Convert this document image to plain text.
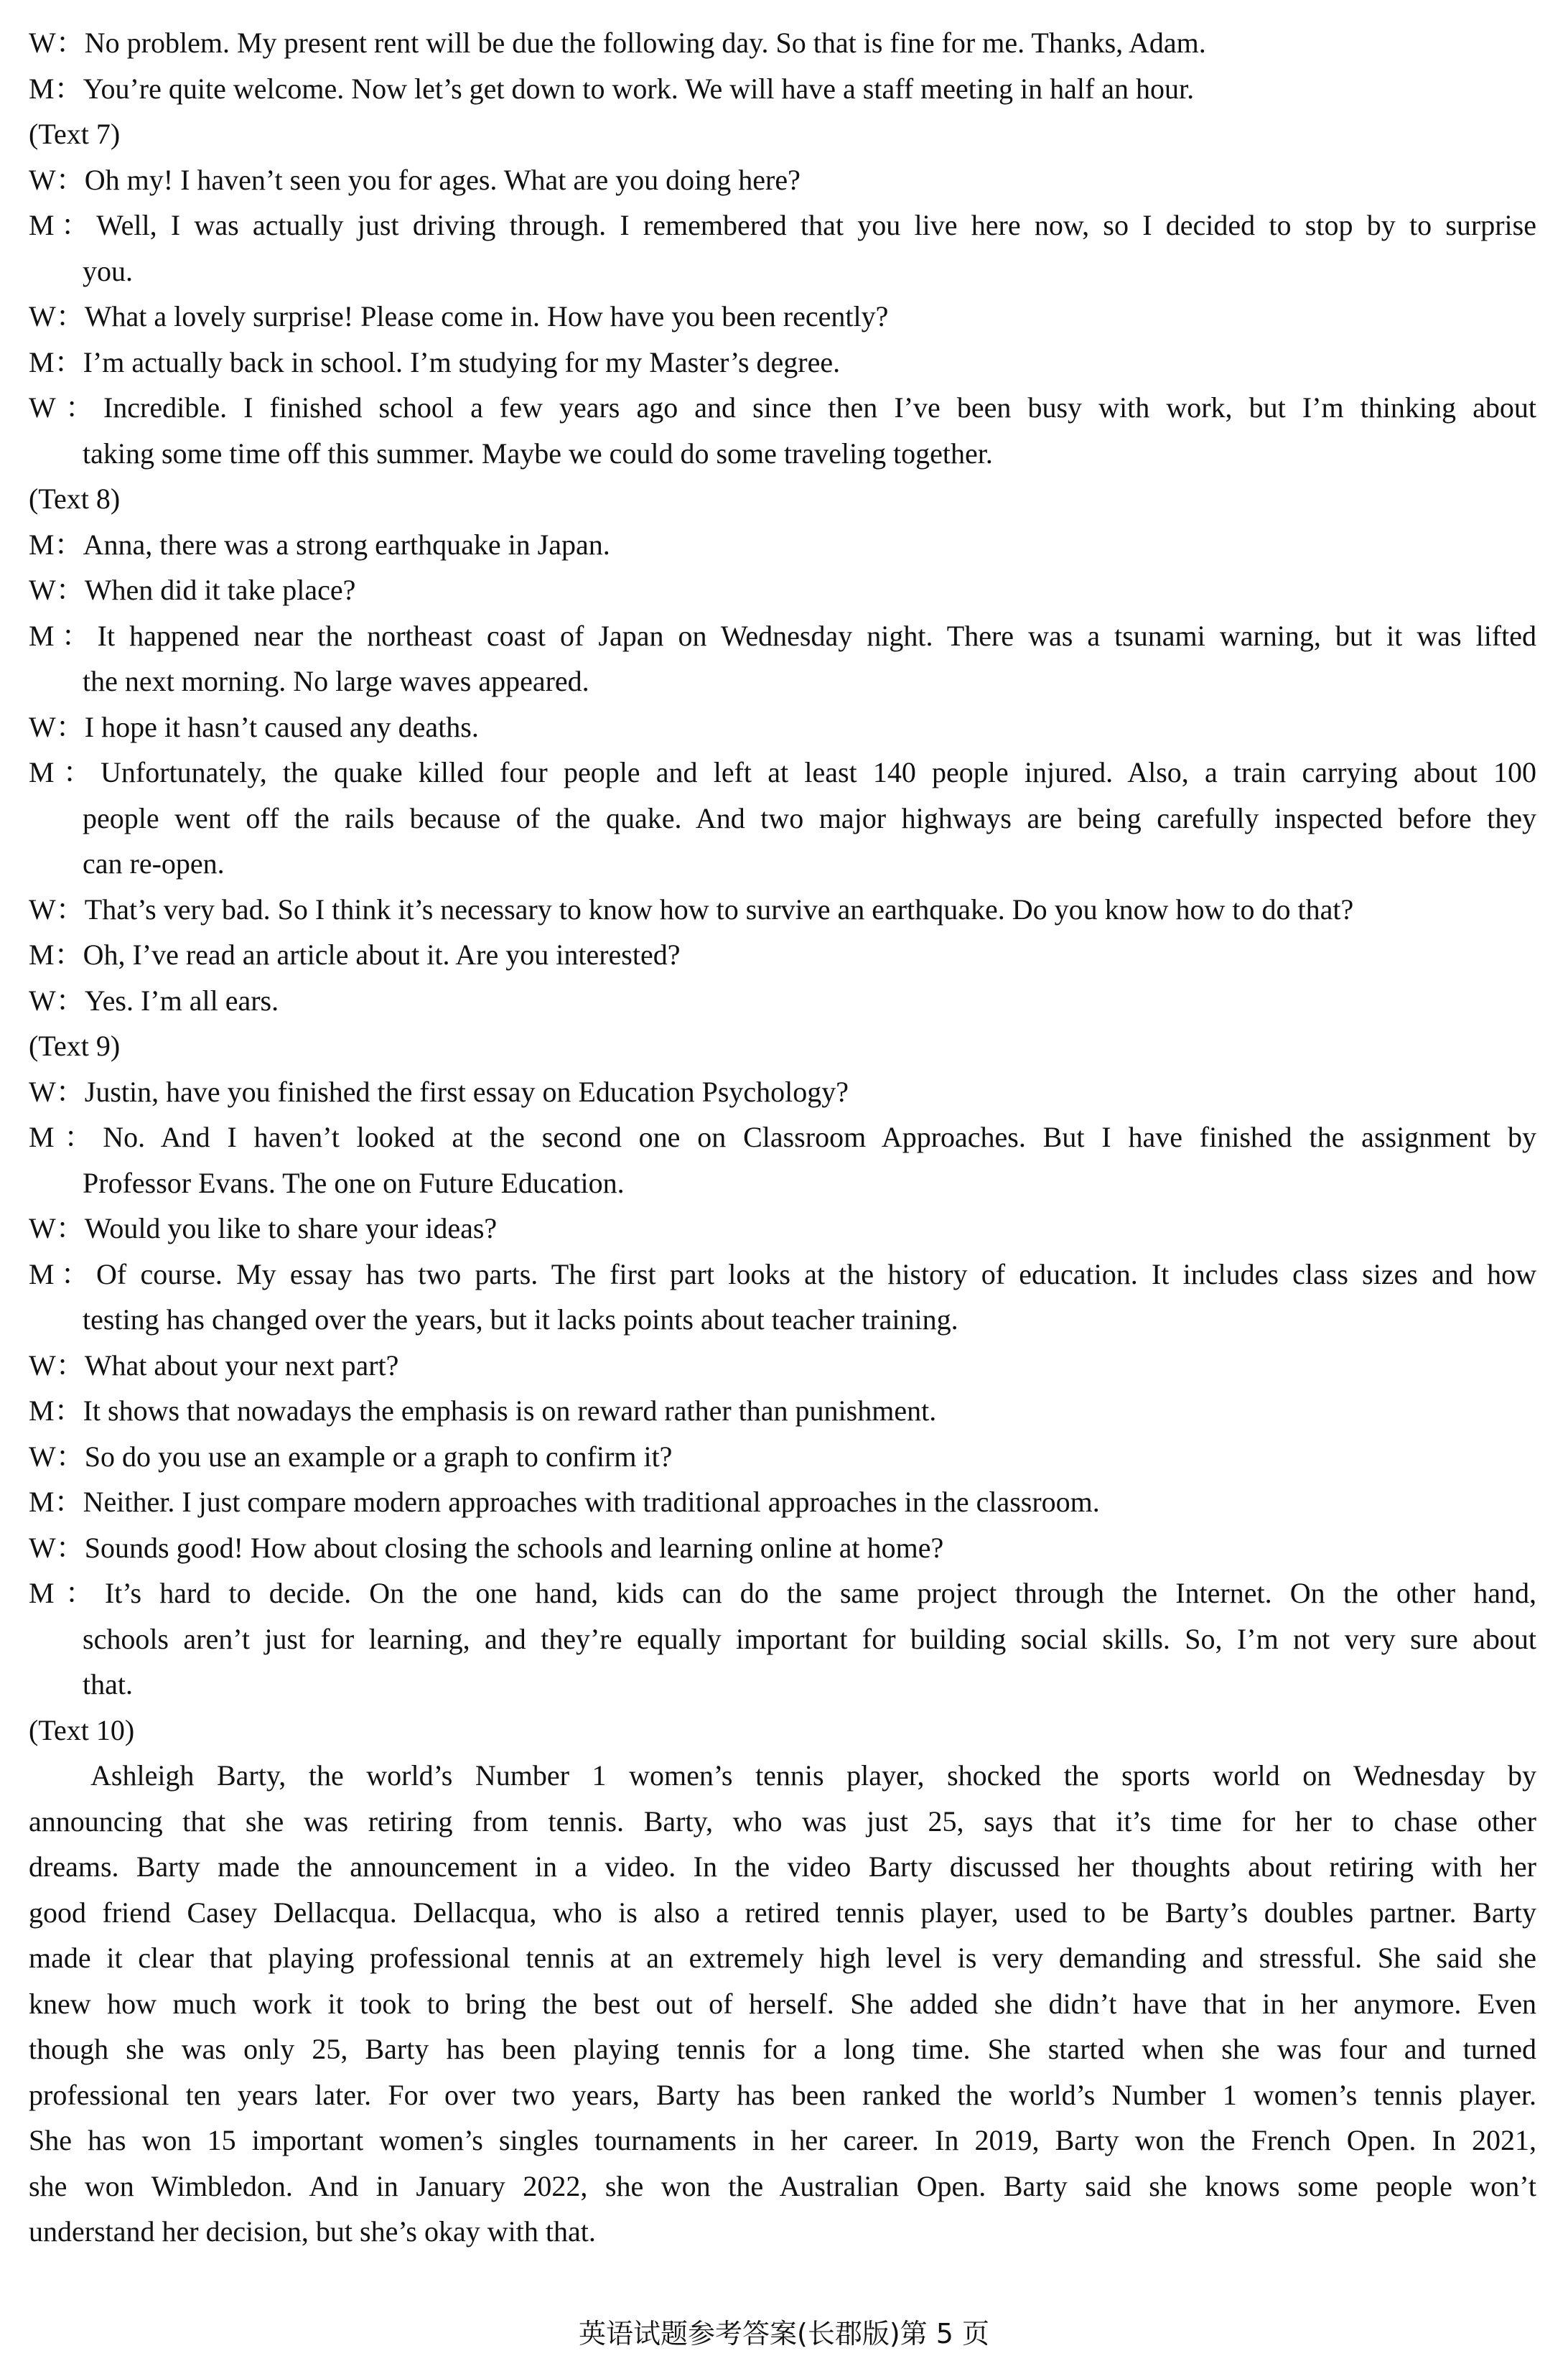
W： No problem. My present rent will be due the following day. So that is fine for me. Thanks, Adam.
M： You’re quite welcome. Now let’s get down to work. We will have a staff meeting in half an hour.
(Text 7)
W： Oh my! I haven’t seen you for ages. What are you doing here?
M：Well, I was actually just driving through. I remembered that you live here now, so I decided to stop by to surprise
you.
W： What a lovely surprise! Please come in. How have you been recently?
M： I’m actually back in school. I’m studying for my Master’s degree.
W：Incredible. I finished school a few years ago and since then I’ve been busy with work, but I’m thinking about
taking some time off this summer. Maybe we could do some traveling together.
(Text 8)
M： Anna, there was a strong earthquake in Japan.
W： When did it take place?
M：It happened near the northeast coast of Japan on Wednesday night. There was a tsunami warning, but it was lifted
the next morning. No large waves appeared.
W： I hope it hasn’t caused any deaths.
M：Unfortunately, the quake killed four people and left at least 140 people injured. Also, a train carrying about 100
people went off the rails because of the quake. And two major highways are being carefully inspected before they
can re-open.
W： That’s very bad. So I think it’s necessary to know how to survive an earthquake. Do you know how to do that?
M： Oh, I’ve read an article about it. Are you interested?
W： Yes. I’m all ears.
(Text 9)
W： Justin, have you finished the first essay on Education Psychology?
M：No. And I haven’t looked at the second one on Classroom Approaches. But I have finished the assignment by
Professor Evans. The one on Future Education.
W： Would you like to share your ideas?
M：Of course. My essay has two parts. The first part looks at the history of education. It includes class sizes and how
testing has changed over the years, but it lacks points about teacher training.
W： What about your next part?
M： It shows that nowadays the emphasis is on reward rather than punishment.
W： So do you use an example or a graph to confirm it?
M： Neither. I just compare modern approaches with traditional approaches in the classroom.
W： Sounds good! How about closing the schools and learning online at home?
M：It’s hard to decide. On the one hand, kids can do the same project through the Internet. On the other hand,
schools aren’t just for learning, and they’re equally important for building social skills. So, I’m not very sure about
that.
(Text 10)
Ashleigh Barty, the world’s Number 1 women’s tennis player, shocked the sports world on Wednesday by
announcing that she was retiring from tennis. Barty, who was just 25, says that it’s time for her to chase other
dreams. Barty made the announcement in a video. In the video Barty discussed her thoughts about retiring with her
good friend Casey Dellacqua. Dellacqua, who is also a retired tennis player, used to be Barty’s doubles partner. Barty
made it clear that playing professional tennis at an extremely high level is very demanding and stressful. She said she
knew how much work it took to bring the best out of herself. She added she didn’t have that in her anymore. Even
though she was only 25, Barty has been playing tennis for a long time. She started when she was four and turned
professional ten years later. For over two years, Barty has been ranked the world’s Number 1 women’s tennis player.
She has won 15 important women’s singles tournaments in her career. In 2019, Barty won the French Open. In 2021,
she won Wimbledon. And in January 2022, she won the Australian Open. Barty said she knows some people won’t
understand her decision, but she’s okay with that.
英语试题参考答案(长郡版)第 5 页
